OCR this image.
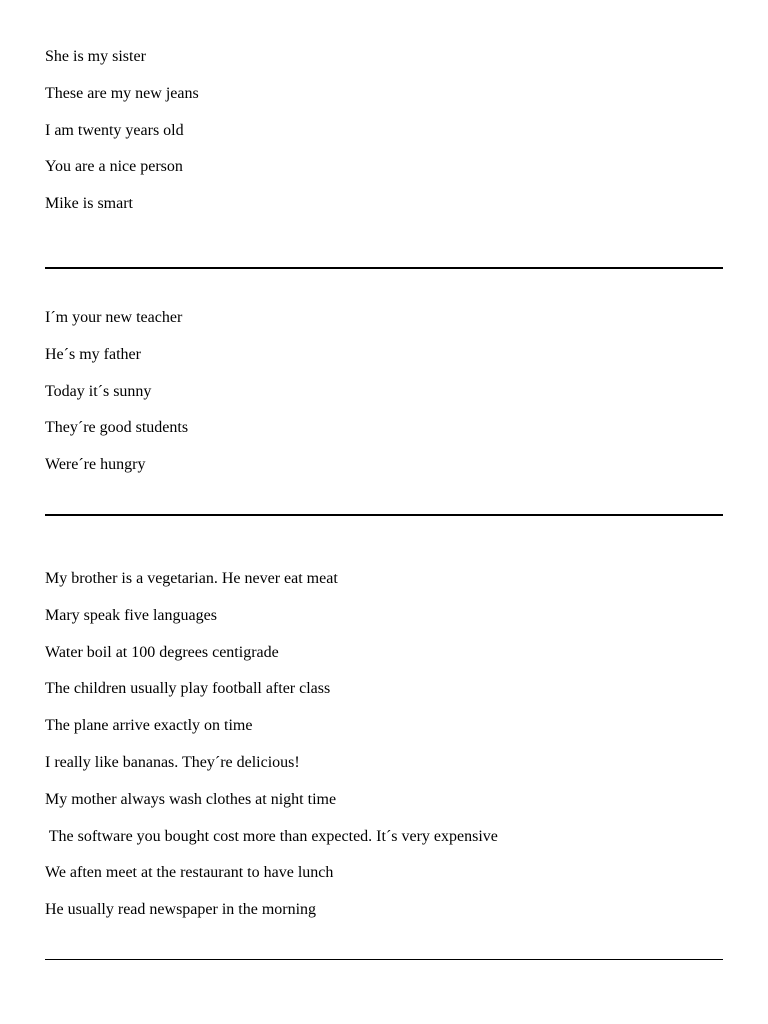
She is my sister
These are my new jeans
I am twenty years old
You are a nice person
Mike is smart
I´m your new teacher
He´s my father
Today it´s sunny
They´re good students
Were´re hungry
My brother is a vegetarian. He never eat meat
Mary speak five languages
Water boil at 100 degrees centigrade
The children usually play football after class
The plane arrive exactly on time
I really like bananas. They´re delicious!
My mother always wash clothes at night time
The software you bought cost more than expected. It´s very expensive
We aften meet at the restaurant to have lunch
He usually read newspaper in the morning
